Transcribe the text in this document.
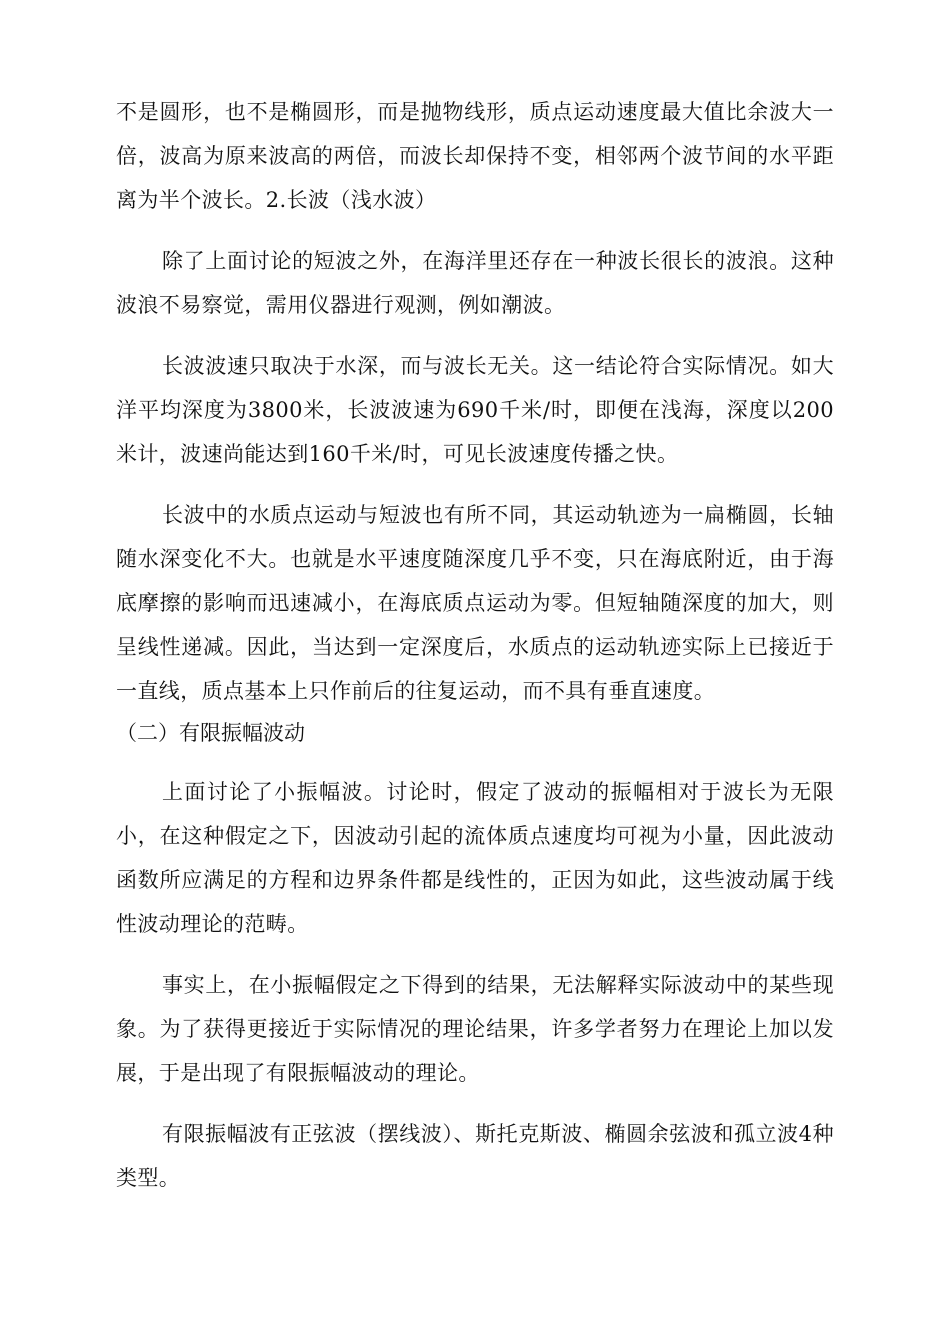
不是圆形，也不是椭圆形，而是抛物线形，质点运动速度最大值比余波大一倍，波高为原来波高的两倍，而波长却保持不变，相邻两个波节间的水平距离为半个波长。2.长波（浅水波）

除了上面讨论的短波之外，在海洋里还存在一种波长很长的波浪。这种波浪不易察觉，需用仪器进行观测，例如潮波。

长波波速只取决于水深，而与波长无关。这一结论符合实际情况。如大洋平均深度为3800米，长波波速为690千米/时，即便在浅海，深度以200米计，波速尚能达到160千米/时，可见长波速度传播之快。

长波中的水质点运动与短波也有所不同，其运动轨迹为一扁椭圆，长轴随水深变化不大。也就是水平速度随深度几乎不变，只在海底附近，由于海底摩擦的影响而迅速减小，在海底质点运动为零。但短轴随深度的加大，则呈线性递减。因此，当达到一定深度后，水质点的运动轨迹实际上已接近于一直线，质点基本上只作前后的往复运动，而不具有垂直速度。

（二）有限振幅波动

上面讨论了小振幅波。讨论时，假定了波动的振幅相对于波长为无限小，在这种假定之下，因波动引起的流体质点速度均可视为小量，因此波动函数所应满足的方程和边界条件都是线性的，正因为如此，这些波动属于线性波动理论的范畴。

事实上，在小振幅假定之下得到的结果，无法解释实际波动中的某些现象。为了获得更接近于实际情况的理论结果，许多学者努力在理论上加以发展，于是出现了有限振幅波动的理论。

有限振幅波有正弦波（摆线波）、斯托克斯波、椭圆余弦波和孤立波4种类型。
